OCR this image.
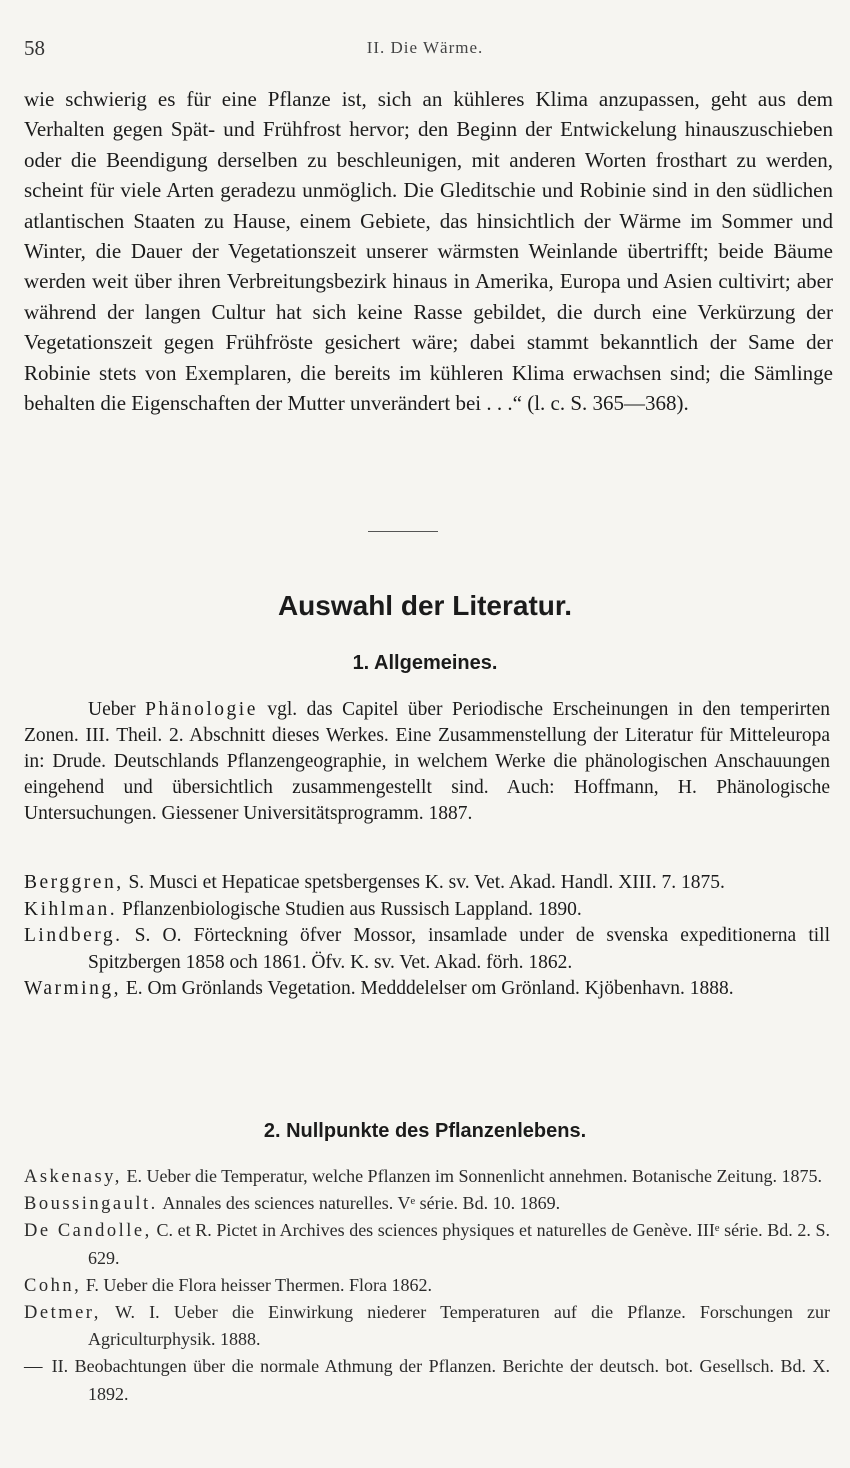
58	II. Die Wärme.

wie schwierig es für eine Pflanze ist, sich an kühleres Klima anzupassen, geht aus dem Verhalten gegen Spät- und Frühfrost hervor; den Beginn der Entwickelung hinauszuschieben oder die Beendigung derselben zu beschleunigen, mit anderen Worten frosthart zu werden, scheint für viele Arten geradezu unmöglich. Die Gleditschie und Robinie sind in den südlichen atlantischen Staaten zu Hause, einem Gebiete, das hinsichtlich der Wärme im Sommer und Winter, die Dauer der Vegetationszeit unserer wärmsten Weinlande übertrifft; beide Bäume werden weit über ihren Verbreitungsbezirk hinaus in Amerika, Europa und Asien cultivirt; aber während der langen Cultur hat sich keine Rasse gebildet, die durch eine Verkürzung der Vegetationszeit gegen Frühfröste gesichert wäre; dabei stammt bekanntlich der Same der Robinie stets von Exemplaren, die bereits im kühleren Klima erwachsen sind; die Sämlinge behalten die Eigenschaften der Mutter unverändert bei . . .“ (l. c. S. 365—368).

Auswahl der Literatur.
1. Allgemeines.

Ueber Phänologie vgl. das Capitel über Periodische Erscheinungen in den temperirten Zonen. III. Theil. 2. Abschnitt dieses Werkes. Eine Zusammenstellung der Literatur für Mitteleuropa in: Drude. Deutschlands Pflanzengeographie, in welchem Werke die phänologischen Anschauungen eingehend und übersichtlich zusammengestellt sind. Auch: Hoffmann, H. Phänologische Untersuchungen. Giessener Universitätsprogramm. 1887.

Berggren, S. Musci et Hepaticae spetsbergenses K. sv. Vet. Akad. Handl. XIII. 7. 1875.
Kihlman. Pflanzenbiologische Studien aus Russisch Lappland. 1890.
Lindberg. S. O. Förteckning öfver Mossor, insamlade under de svenska expeditionerna till Spitzbergen 1858 och 1861. Öfv. K. sv. Vet. Akad. förh. 1862.
Warming, E. Om Grönlands Vegetation. Medddelelser om Grönland. Kjöbenhavn. 1888.
2. Nullpunkte des Pflanzenlebens.
Askenasy, E. Ueber die Temperatur, welche Pflanzen im Sonnenlicht annehmen. Botanische Zeitung. 1875.
Boussingault. Annales des sciences naturelles. Vᵉ série. Bd. 10. 1869.
De Candolle, C. et R. Pictet in Archives des sciences physiques et naturelles de Genève. IIIᵉ série. Bd. 2. S. 629.
Cohn, F. Ueber die Flora heisser Thermen. Flora 1862.
Detmer, W. I. Ueber die Einwirkung niederer Temperaturen auf die Pflanze. Forschungen zur Agriculturphysik. 1888.
— II. Beobachtungen über die normale Athmung der Pflanzen. Berichte der deutsch. bot. Gesellsch. Bd. X. 1892.
